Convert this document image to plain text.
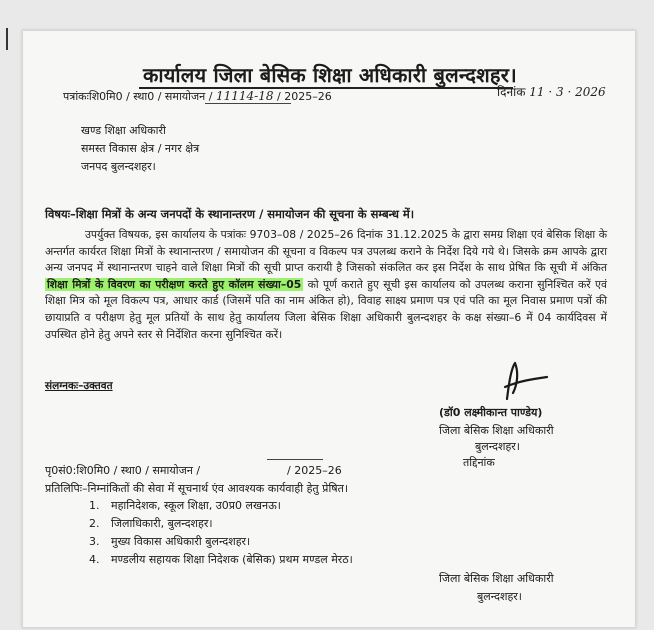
कार्यालय जिला बेसिक शिक्षा अधिकारी बुलन्दशहर।
पत्रांकःशि0मि0 / स्था0 / समायोजन / 11114-18 / 2025–26	दिनांक 11 · 3 · 2026
खण्ड शिक्षा अधिकारी
समस्त विकास क्षेत्र / नगर क्षेत्र
जनपद बुलन्दशहर।
विषयः–शिक्षा मित्रों के अन्य जनपदों के स्थानान्तरण / समायोजन की सूचना के सम्बन्ध में।
उपर्युक्त विषयक, इस कार्यालय के पत्रांकः 9703–08 / 2025–26 दिनांक 31.12.2025 के द्वारा समग्र शिक्षा एवं बेसिक शिक्षा के अन्तर्गत कार्यरत शिक्षा मित्रों के स्थानान्तरण / समायोजन की सूचना व विकल्प पत्र उपलब्ध कराने के निर्देश दिये गये थे। जिसके क्रम आपके द्वारा अन्य जनपद में स्थानान्तरण चाहने वाले शिक्षा मित्रों की सूची प्राप्त करायी है जिसको संकलित कर इस निर्देश के साथ प्रेषित कि सूची में अंकित शिक्षा मित्रों के विवरण का परीक्षण करते हुए कॉलम संख्या–05 को पूर्ण कराते हुए सूची इस कार्यालय को उपलब्ध कराना सुनिश्चित करें एवं शिक्षा मित्र को मूल विकल्प पत्र, आधार कार्ड (जिसमें पति का नाम अंकित हो), विवाह साक्ष्य प्रमाण पत्र एवं पति का मूल निवास प्रमाण पत्रों की छायाप्रति व परीक्षण हेतु मूल प्रतियों के साथ हेतु कार्यालय जिला बेसिक शिक्षा अधिकारी बुलन्दशहर के कक्ष संख्या–6 में 04 कार्यदिवस में उपस्थित होने हेतु अपने स्तर से निर्देशित करना सुनिश्चित करें।
संलग्नकः–उक्तवत
(डॉ0 लक्ष्मीकान्त पाण्डेय)
जिला बेसिक शिक्षा अधिकारी
बुलन्दशहर।
तद्दिनांक
पृ0सं0:शि0मि0 / स्था0 / समायोजन /	/ 2025–26
प्रतिलिपिः–निम्नांकितों की सेवा में सूचनार्थ एंव आवश्यक कार्यवाही हेतु प्रेषित।
1. महानिदेशक, स्कूल शिक्षा, उ0प्र0 लखनऊ।
2. जिलाधिकारी, बुलन्दशहर।
3. मुख्य विकास अधिकारी बुलन्दशहर।
4. मण्डलीय सहायक शिक्षा निदेशक (बेसिक) प्रथम मण्डल मेरठ।
जिला बेसिक शिक्षा अधिकारी
बुलन्दशहर।
